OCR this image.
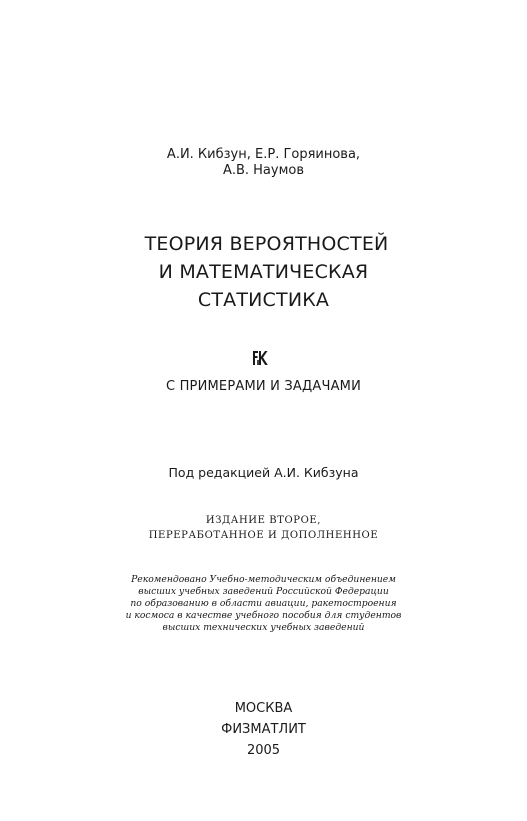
А.И. Кибзун, Е.Р. Горяинова,
А.В. Наумов
ТЕОРИЯ ВЕРОЯТНОСТЕЙ
И МАТЕМАТИЧЕСКАЯ
СТАТИСТИКА
С ПРИМЕРАМИ И ЗАДАЧАМИ
Под редакцией А.И. Кибзуна
ИЗДАНИЕ ВТОРОЕ,
ПЕРЕРАБОТАННОЕ И ДОПОЛНЕННОЕ
Рекомендовано Учебно-методическим объединением
высших учебных заведений Российской Федерации
по образованию в области авиации, ракетостроения
и космоса в качестве учебного пособия для студентов
высших технических учебных заведений
МОСКВА
ФИЗМАТЛИТ
2005
